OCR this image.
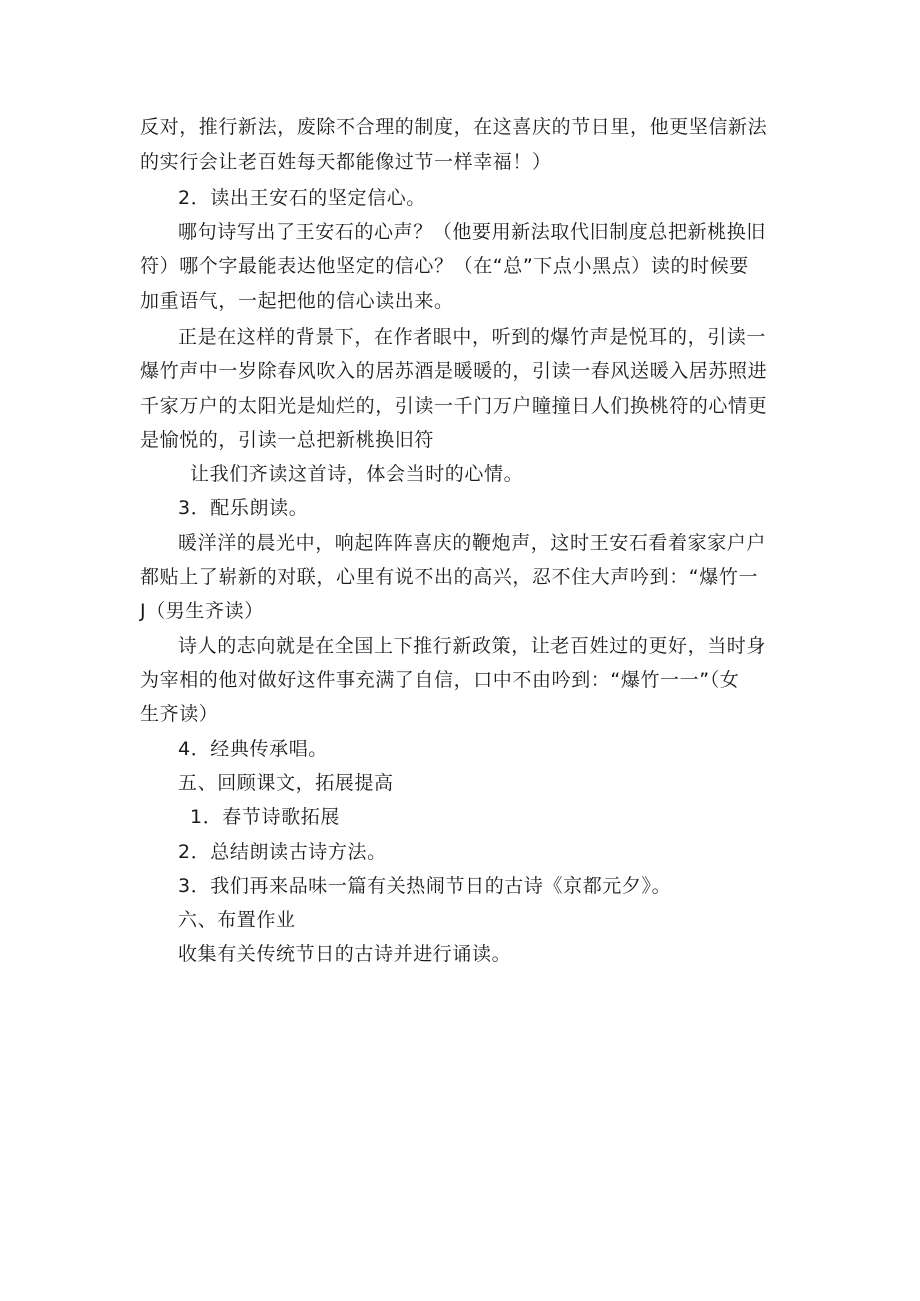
反对，推行新法，废除不合理的制度，在这喜庆的节日里，他更坚信新法
的实行会让老百姓每天都能像过节一样幸福！）
2．读出王安石的坚定信心。
哪句诗写出了王安石的心声？（他要用新法取代旧制度总把新桃换旧
符）哪个字最能表达他坚定的信心？（在“总”下点小黑点）读的时候要
加重语气，一起把他的信心读出来。
正是在这样的背景下，在作者眼中，听到的爆竹声是悦耳的，引读一
爆竹声中一岁除春风吹入的居苏酒是暖暖的，引读一春风送暖入居苏照进
千家万户的太阳光是灿烂的，引读一千门万户瞳撞日人们换桃符的心情更
是愉悦的，引读一总把新桃换旧符
让我们齐读这首诗，体会当时的心情。
3．配乐朗读。
暖洋洋的晨光中，响起阵阵喜庆的鞭炮声，这时王安石看着家家户户
都贴上了崭新的对联，心里有说不出的高兴，忍不住大声吟到：“爆竹一
J（男生齐读）
诗人的志向就是在全国上下推行新政策，让老百姓过的更好，当时身
为宰相的他对做好这件事充满了自信，口中不由吟到：“爆竹一一”（女
生齐读）
4．经典传承唱。
五、回顾课文，拓展提高
1．春节诗歌拓展
2．总结朗读古诗方法。
3．我们再来品味一篇有关热闹节日的古诗《京都元夕》。
六、布置作业
收集有关传统节日的古诗并进行诵读。
